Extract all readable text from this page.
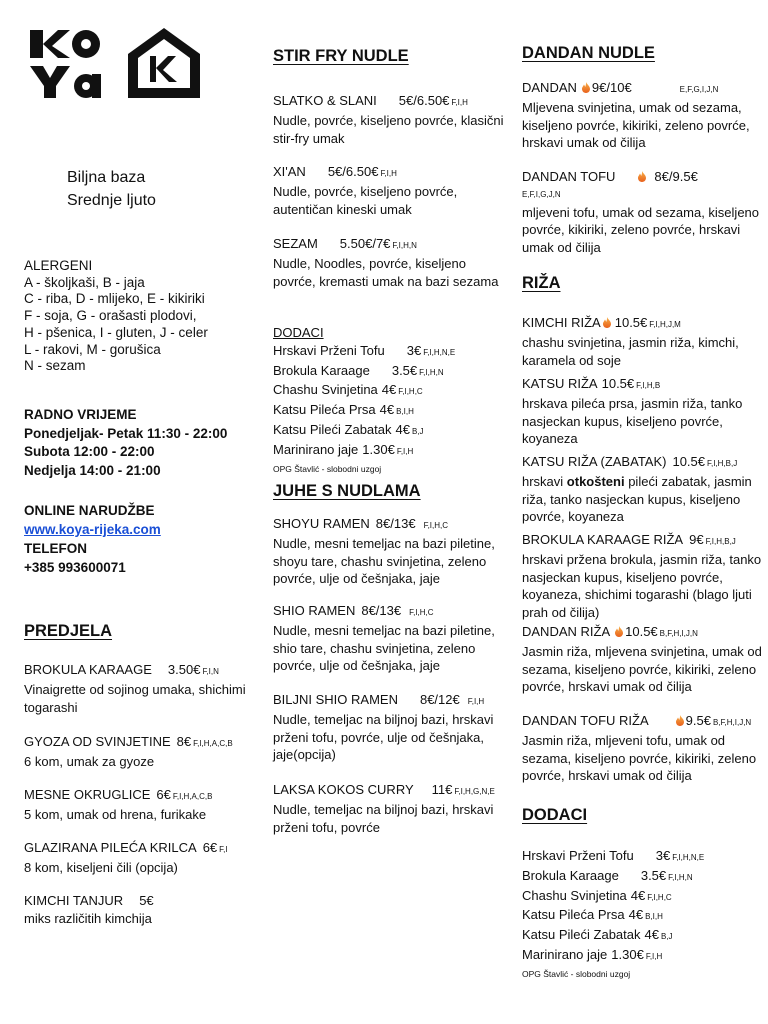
Biljna baza
Srednje ljuto
ALERGENI
A - školjkaši, B - jaja
C - riba, D - mlijeko, E - kikiriki
F - soja, G - orašasti plodovi,
H - pšenica, I - gluten, J - celer
L - rakovi, M - gorušica
N - sezam
RADNO VRIJEME
Ponedjeljak- Petak 11:30 - 22:00
Subota 12:00 - 22:00
Nedjelja 14:00 - 21:00
ONLINE NARUDŽBE
www.koya-rijeka.com
TELEFON
+385 993600071
PREDJELA
BROKULA KARAAGE 3.50€ F,I,N
Vinaigrette od sojinog umaka, shichimi togarashi
GYOZA OD SVINJETINE 8€ F,I,H,A,C,B
6 kom, umak za gyoze
MESNE OKRUGLICE 6€ F,I,H,A,C,B
5 kom, umak od hrena, furikake
GLAZIRANA PILEĆA KRILCA 6€ F,I
8 kom, kiseljeni čili (opcija)
KIMCHI TANJUR 5€
miks različitih kimchija
STIR FRY NUDLE
SLATKO & SLANI 5€/6.50€ F,I,H
Nudle, povrće, kiseljeno povrće, klasični stir-fry umak
XI'AN 5€/6.50€ F,I,H
Nudle, povrće, kiseljeno povrće, autentičan kineski umak
SEZAM 5.50€/7€ F,I,H,N
Nudle, Noodles, povrće, kiseljeno povrće, kremasti umak na bazi sezama
DODACI
Hrskavi Prženi Tofu 3€ F,I,H,N,E
Brokula Karaage 3.5€ F,I,H,N
Chashu Svinjetina 4€ F,I,H,C
Katsu Pileća Prsa 4€ B,I,H
Katsu Pileći Zabatak 4€ B,J
Marinirano jaje 1.30€ F,I,H
OPG Štavlić - slobodni uzgoj
JUHE S NUDLAMA
SHOYU RAMEN 8€/13€ F,I,H,C
Nudle, mesni temeljac na bazi piletine, shoyu tare, chashu svinjetina, zeleno povrće, ulje od češnjaka, jaje
SHIO RAMEN 8€/13€ F,I,H,C
Nudle, mesni temeljac na bazi piletine, shio tare, chashu svinjetina, zeleno povrće, ulje od češnjaka, jaje
BILJNI SHIO RAMEN 8€/12€ F,I,H
Nudle, temeljac na biljnoj bazi, hrskavi prženi tofu, povrće, ulje od češnjaka, jaje(opcija)
LAKSA KOKOS CURRY 11€ F,I,H,G,N,E
Nudle, temeljac na biljnoj bazi, hrskavi prženi tofu, povrće
DANDAN NUDLE
DANDAN 9€/10€	E,F,G,I,J,N
Mljevena svinjetina, umak od sezama, kiseljeno povrće, kikiriki, zeleno povrće, hrskavi umak od čilija
DANDAN TOFU	8€/9.5€
E,F,I,G,J,N
mljeveni tofu, umak od sezama, kiseljeno povrće, kikiriki, zeleno povrće, hrskavi umak od čilija
RIŽA
KIMCHI RIŽA 10.5€ F,I,H,J,M
chashu svinjetina, jasmin riža, kimchi, karamela od soje
KATSU RIŽA 10.5€ F,I,H,B
hrskava pileća prsa, jasmin riža, tanko nasjeckan kupus, kiseljeno povrće, koyaneza
KATSU RIŽA (ZABATAK) 10.5€ F,I,H,B,J
hrskavi otkošteni pileći zabatak, jasmin riža, tanko nasjeckan kupus, kiseljeno povrće, koyaneza
BROKULA KARAAGE RIŽA 9€ F,I,H,B,J
hrskavi pržena brokula, jasmin riža, tanko nasjeckan kupus, kiseljeno povrće, koyaneza, shichimi togarashi (blago ljuti prah od čilija)
DANDAN RIŽA 10.5€ B,F,H,I,J,N
Jasmin riža, mljevena svinjetina, umak od sezama, kiseljeno povrće, kikiriki, zeleno povrće, hrskavi umak od čilija
DANDAN TOFU RIŽA	9.5€ B,F,H,I,J,N
Jasmin riža, mljeveni tofu, umak od sezama, kiseljeno povrće, kikiriki, zeleno povrće, hrskavi umak od čilija
DODACI
Hrskavi Prženi Tofu 3€ F,I,H,N,E
Brokula Karaage 3.5€ F,I,H,N
Chashu Svinjetina 4€ F,I,H,C
Katsu Pileća Prsa 4€ B,I,H
Katsu Pileći Zabatak 4€ B,J
Marinirano jaje 1.30€ F,I,H
OPG Štavlić - slobodni uzgoj
